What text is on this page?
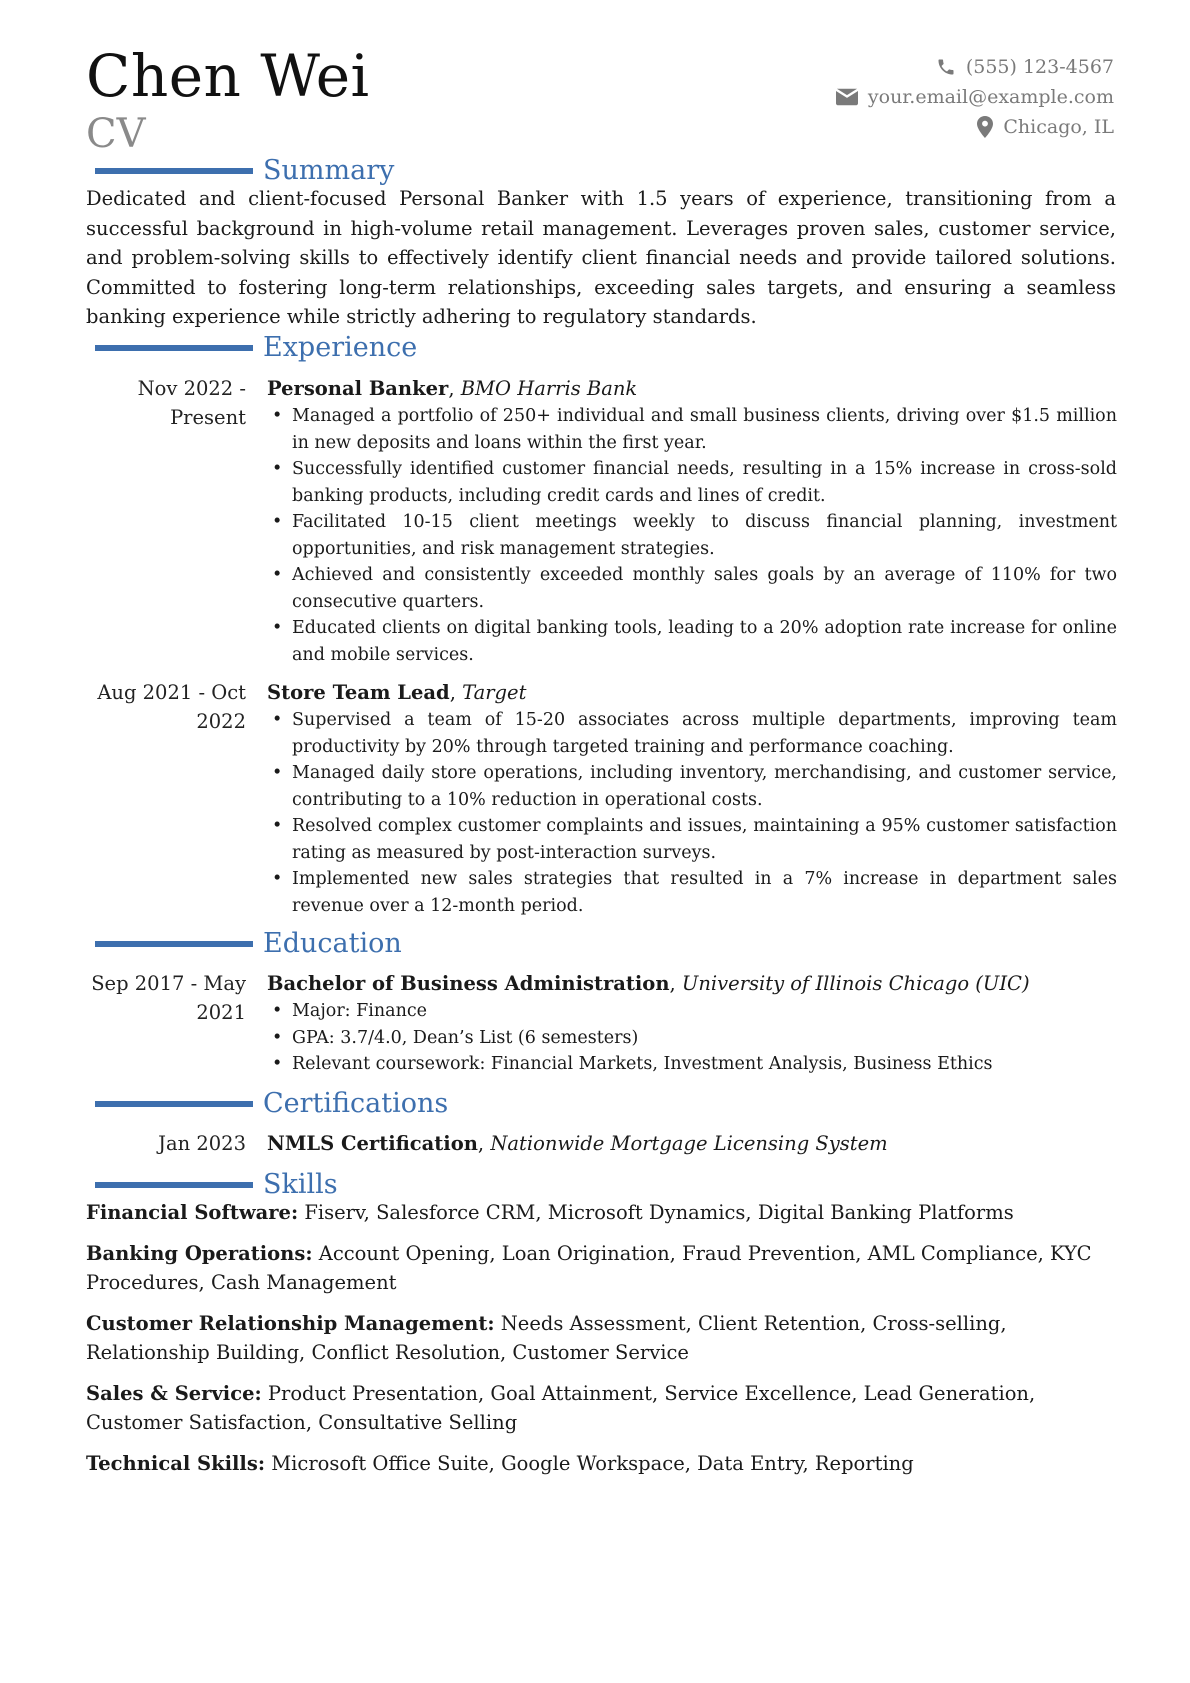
Chen Wei
CV
(555) 123-4567
your.email@example.com
Chicago, IL
Summary
Dedicated and client-focused Personal Banker with 1.5 years of experience, transitioning from a successful background in high-volume retail management. Leverages proven sales, customer service, and problem-solving skills to effectively identify client financial needs and provide tailored solutions. Committed to fostering long-term relationships, exceeding sales targets, and ensuring a seamless banking experience while strictly adhering to regulatory standards.
Experience
Nov 2022 - Present
Personal Banker, BMO Harris Bank
• Managed a portfolio of 250+ individual and small business clients, driving over $1.5 million in new deposits and loans within the first year.
• Successfully identified customer financial needs, resulting in a 15% increase in cross-sold banking products, including credit cards and lines of credit.
• Facilitated 10-15 client meetings weekly to discuss financial planning, investment opportunities, and risk management strategies.
• Achieved and consistently exceeded monthly sales goals by an average of 110% for two consecutive quarters.
• Educated clients on digital banking tools, leading to a 20% adoption rate increase for online and mobile services.
Aug 2021 - Oct 2022
Store Team Lead, Target
• Supervised a team of 15-20 associates across multiple departments, improving team productivity by 20% through targeted training and performance coaching.
• Managed daily store operations, including inventory, merchandising, and customer service, contributing to a 10% reduction in operational costs.
• Resolved complex customer complaints and issues, maintaining a 95% customer satisfaction rating as measured by post-interaction surveys.
• Implemented new sales strategies that resulted in a 7% increase in department sales revenue over a 12-month period.
Education
Sep 2017 - May 2021
Bachelor of Business Administration, University of Illinois Chicago (UIC)
• Major: Finance
• GPA: 3.7/4.0, Dean’s List (6 semesters)
• Relevant coursework: Financial Markets, Investment Analysis, Business Ethics
Certifications
Jan 2023 NMLS Certification, Nationwide Mortgage Licensing System
Skills
Financial Software: Fiserv, Salesforce CRM, Microsoft Dynamics, Digital Banking Platforms
Banking Operations: Account Opening, Loan Origination, Fraud Prevention, AML Compliance, KYC Procedures, Cash Management
Customer Relationship Management: Needs Assessment, Client Retention, Cross-selling, Relationship Building, Conflict Resolution, Customer Service
Sales & Service: Product Presentation, Goal Attainment, Service Excellence, Lead Generation, Customer Satisfaction, Consultative Selling
Technical Skills: Microsoft Office Suite, Google Workspace, Data Entry, Reporting
